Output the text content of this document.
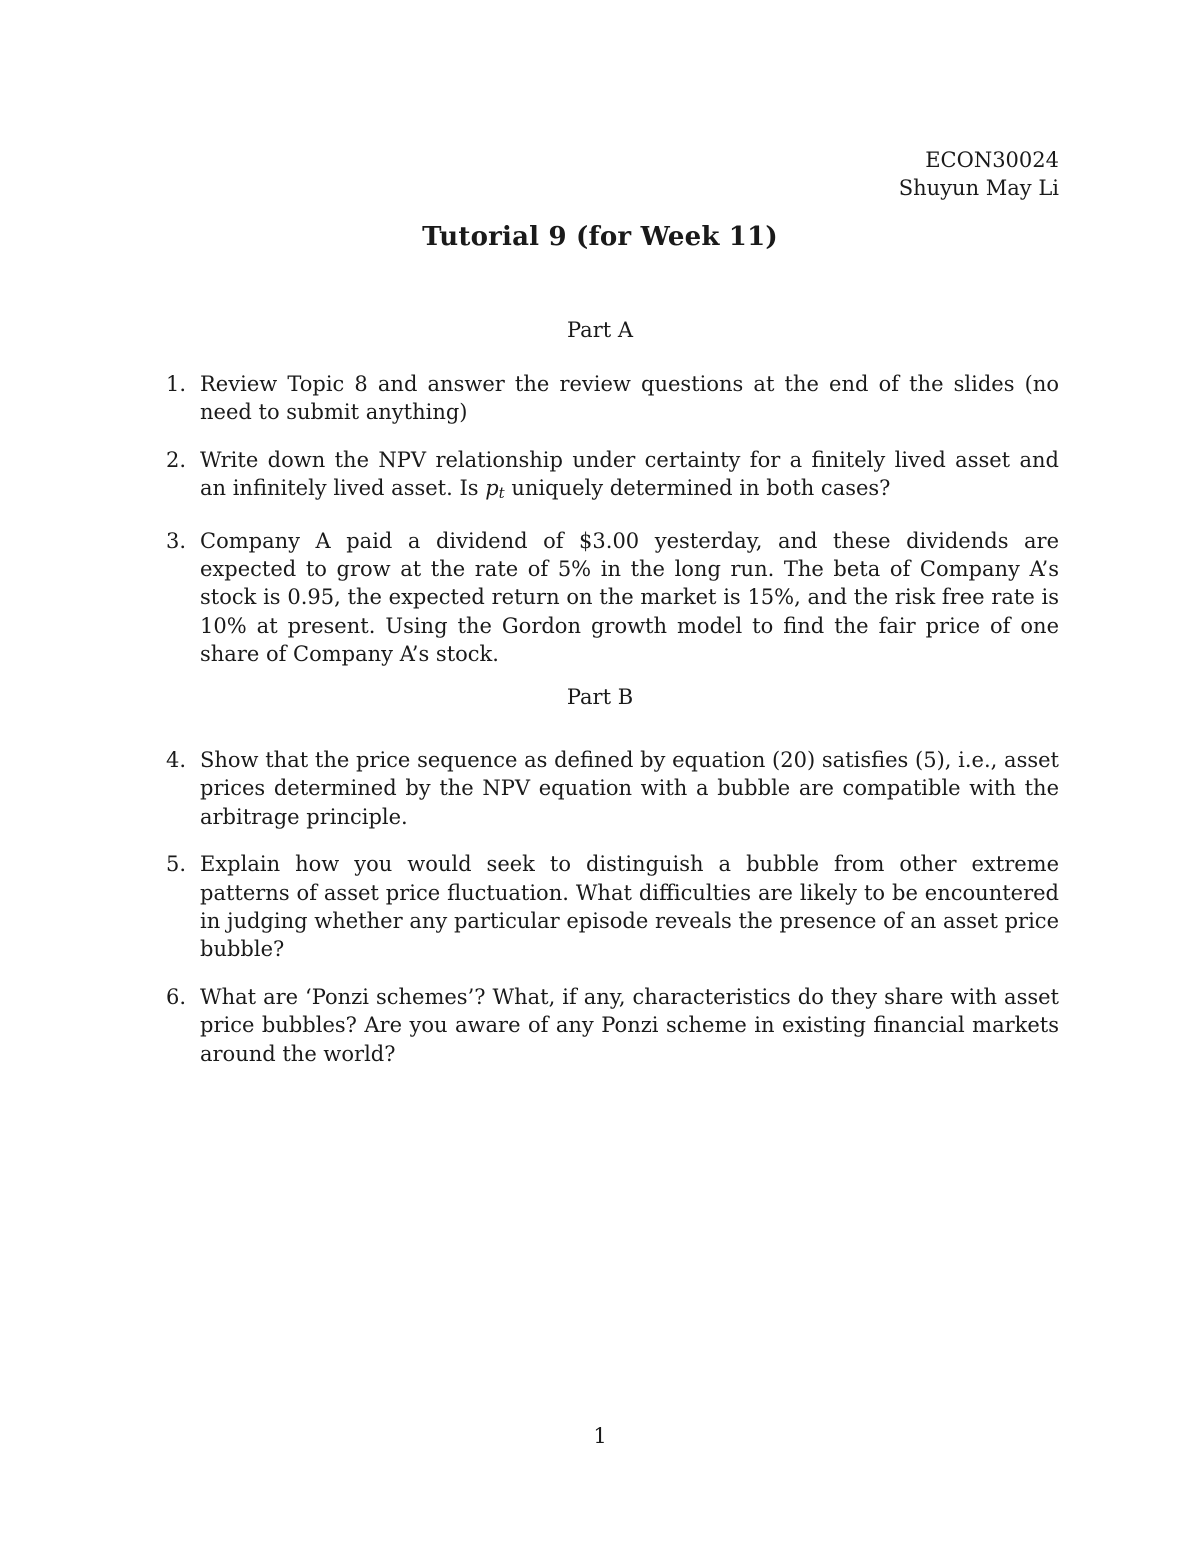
ECON30024
Shuyun May Li
Tutorial 9 (for Week 11)
Part A
1. Review Topic 8 and answer the review questions at the end of the slides (no need to submit anything)
2. Write down the NPV relationship under certainty for a finitely lived asset and an infinitely lived asset. Is pt uniquely determined in both cases?
3. Company A paid a dividend of $3.00 yesterday, and these dividends are expected to grow at the rate of 5% in the long run. The beta of Company A’s stock is 0.95, the expected return on the market is 15%, and the risk free rate is 10% at present. Using the Gordon growth model to find the fair price of one share of Company A’s stock.
Part B
4. Show that the price sequence as defined by equation (20) satisfies (5), i.e., asset prices determined by the NPV equation with a bubble are compatible with the arbitrage principle.
5. Explain how you would seek to distinguish a bubble from other extreme patterns of asset price fluctuation. What difficulties are likely to be encountered in judging whether any particular episode reveals the presence of an asset price bubble?
6. What are ‘Ponzi schemes’? What, if any, characteristics do they share with asset price bubbles? Are you aware of any Ponzi scheme in existing financial markets around the world?
1
